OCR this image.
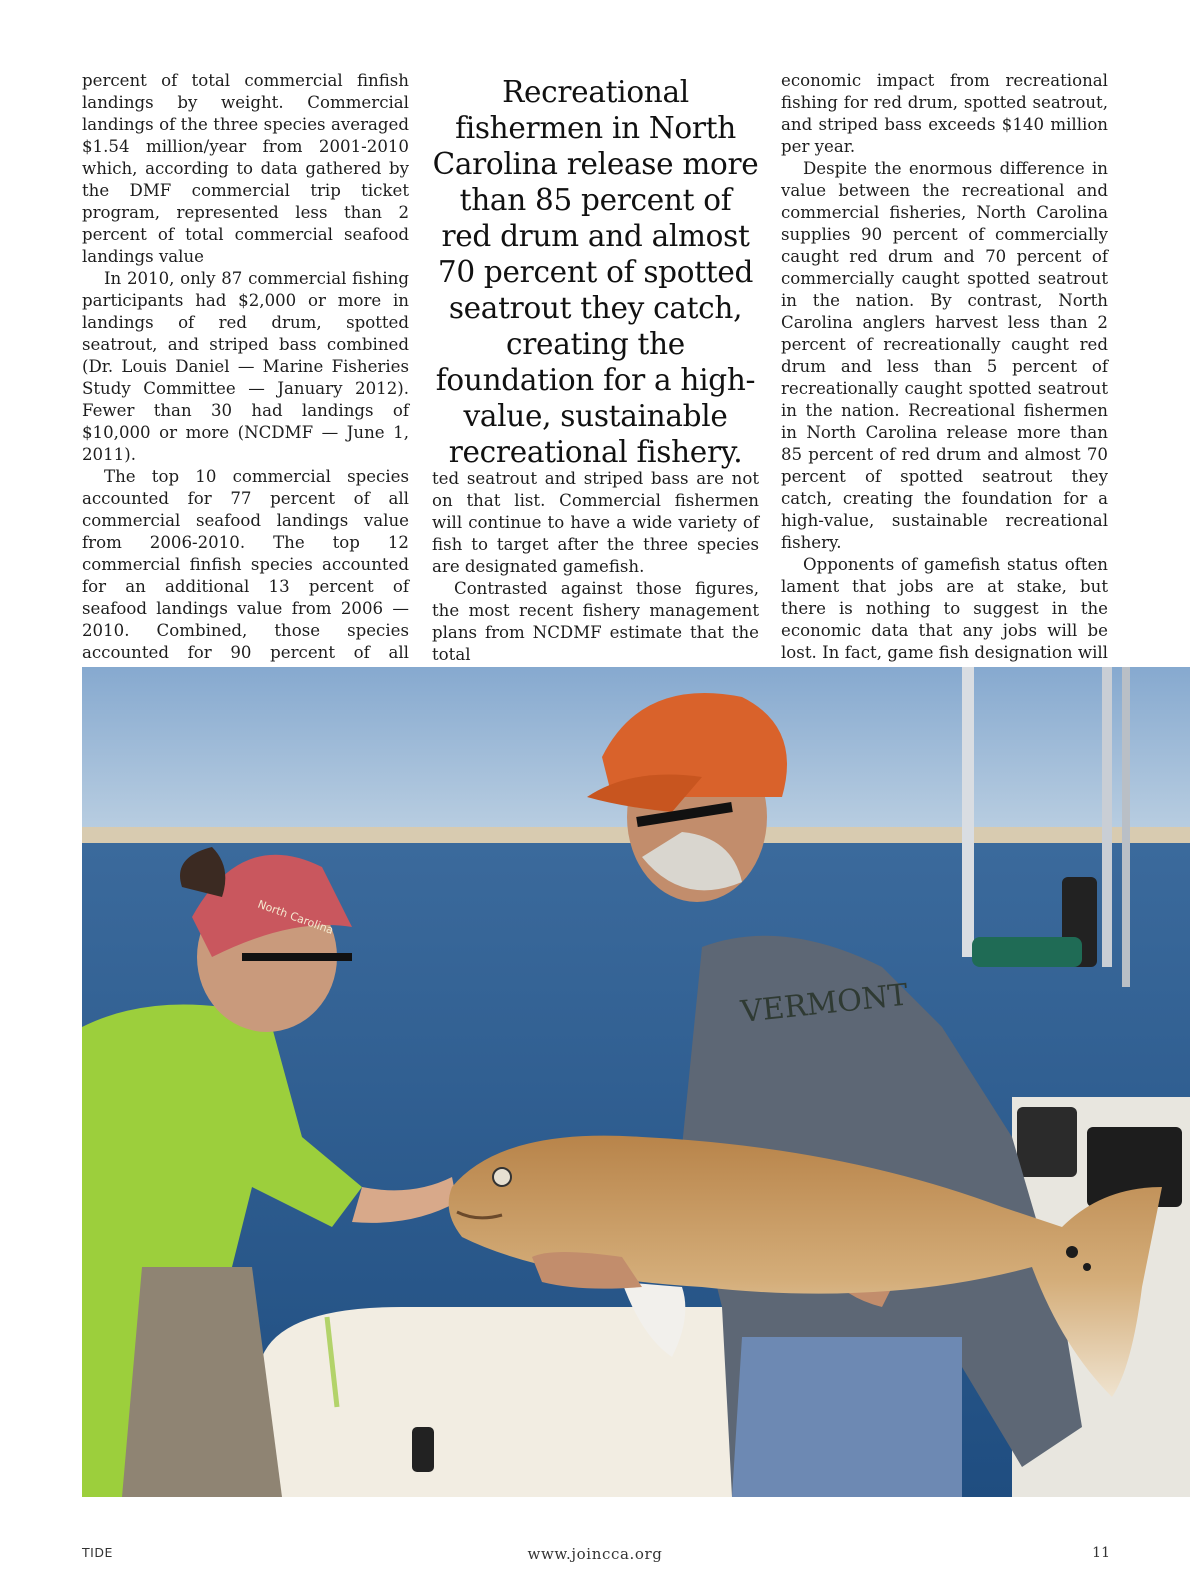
percent of total commercial finfish landings by weight. Commercial landings of the three species averaged $1.54 million/year from 2001-2010 which, according to data gathered by the DMF commercial trip ticket program, represented less than 2 percent of total commercial seafood landings value

In 2010, only 87 commercial fishing participants had $2,000 or more in landings of red drum, spotted seatrout, and striped bass combined (Dr. Louis Daniel — Marine Fisheries Study Committee — January 2012). Fewer than 30 had landings of $10,000 or more (NCDMF — June 1, 2011).

The top 10 commercial species accounted for 77 percent of all commercial seafood landings value from 2006-2010. The top 12 commercial finfish species accounted for an additional 13 percent of seafood landings value from 2006 — 2010. Combined, those species accounted for 90 percent of all

Recreational fishermen in North Carolina release more than 85 percent of red drum and almost 70 percent of spotted seatrout they catch, creating the foundation for a high-value, sustainable recreational fishery.

ted seatrout and striped bass are not on that list. Commercial fishermen will continue to have a wide variety of fish to target after the three species are designated gamefish.

Contrasted against those figures, the most recent fishery management plans from NCDMF estimate that the total

economic impact from recreational fishing for red drum, spotted seatrout, and striped bass exceeds $140 million per year.

Despite the enormous difference in value between the recreational and commercial fisheries, North Carolina supplies 90 percent of commercially caught red drum and 70 percent of commercially caught spotted seatrout in the nation. By contrast, North Carolina anglers harvest less than 2 percent of recreationally caught red drum and less than 5 percent of recreationally caught spotted seatrout in the nation. Recreational fishermen in North Carolina release more than 85 percent of red drum and almost 70 percent of spotted seatrout they catch, creating the foundation for a high-value, sustainable recreational fishery.

Opponents of gamefish status often lament that jobs are at stake, but there is nothing to suggest in the economic data that any jobs will be lost. In fact, game fish designation will

North Carolina
VERMONT
TIDE	www.joincca.org	11
